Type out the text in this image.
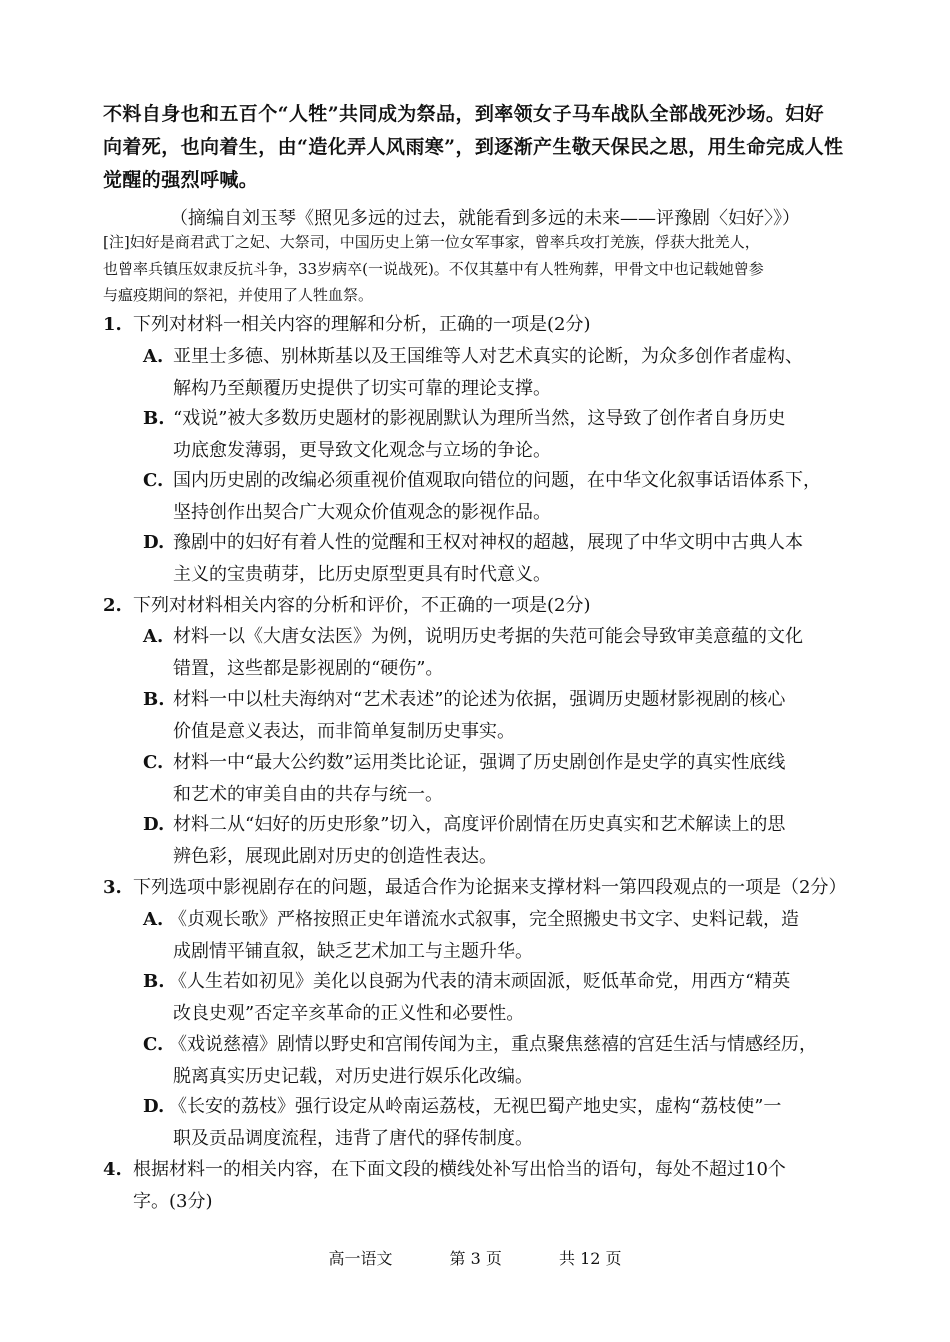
不料自身也和五百个“人牲”共同成为祭品，到率领女子马车战队全部战死沙场。妇好
向着死，也向着生，由“造化弄人风雨寒”，到逐渐产生敬天保民之思，用生命完成人性
觉醒的强烈呼喊。
（摘编自刘玉琴《照见多远的过去，就能看到多远的未来——评豫剧〈妇好〉》）
[注]妇好是商君武丁之妃、大祭司，中国历史上第一位女军事家，曾率兵攻打羌族，俘获大批羌人，
也曾率兵镇压奴隶反抗斗争，33岁病卒(一说战死)。不仅其墓中有人牲殉葬，甲骨文中也记载她曾参
与瘟疫期间的祭祀，并使用了人牲血祭。
1. 下列对材料一相关内容的理解和分析，正确的一项是(2分)
A. 亚里士多德、别林斯基以及王国维等人对艺术真实的论断，为众多创作者虚构、
解构乃至颠覆历史提供了切实可靠的理论支撑。
B. “戏说”被大多数历史题材的影视剧默认为理所当然，这导致了创作者自身历史
功底愈发薄弱，更导致文化观念与立场的争论。
C. 国内历史剧的改编必须重视价值观取向错位的问题，在中华文化叙事话语体系下，
坚持创作出契合广大观众价值观念的影视作品。
D. 豫剧中的妇好有着人性的觉醒和王权对神权的超越，展现了中华文明中古典人本
主义的宝贵萌芽，比历史原型更具有时代意义。
2. 下列对材料相关内容的分析和评价，不正确的一项是(2分)
A. 材料一以《大唐女法医》为例，说明历史考据的失范可能会导致审美意蕴的文化
错置，这些都是影视剧的“硬伤”。
B. 材料一中以杜夫海纳对“艺术表述”的论述为依据，强调历史题材影视剧的核心
价值是意义表达，而非简单复制历史事实。
C. 材料一中“最大公约数”运用类比论证，强调了历史剧创作是史学的真实性底线
和艺术的审美自由的共存与统一。
D. 材料二从“妇好的历史形象”切入，高度评价剧情在历史真实和艺术解读上的思
辨色彩，展现此剧对历史的创造性表达。
3. 下列选项中影视剧存在的问题，最适合作为论据来支撑材料一第四段观点的一项是（2分）
A. 《贞观长歌》严格按照正史年谱流水式叙事，完全照搬史书文字、史料记载，造
成剧情平铺直叙，缺乏艺术加工与主题升华。
B. 《人生若如初见》美化以良弼为代表的清末顽固派，贬低革命党，用西方“精英
改良史观”否定辛亥革命的正义性和必要性。
C. 《戏说慈禧》剧情以野史和宫闱传闻为主，重点聚焦慈禧的宫廷生活与情感经历，
脱离真实历史记载，对历史进行娱乐化改编。
D. 《长安的荔枝》强行设定从岭南运荔枝，无视巴蜀产地史实，虚构“荔枝使”一
职及贡品调度流程，违背了唐代的驿传制度。
4. 根据材料一的相关内容，在下面文段的横线处补写出恰当的语句，每处不超过10个
字。(3分)
高一语文	第 3 页	共 12 页
